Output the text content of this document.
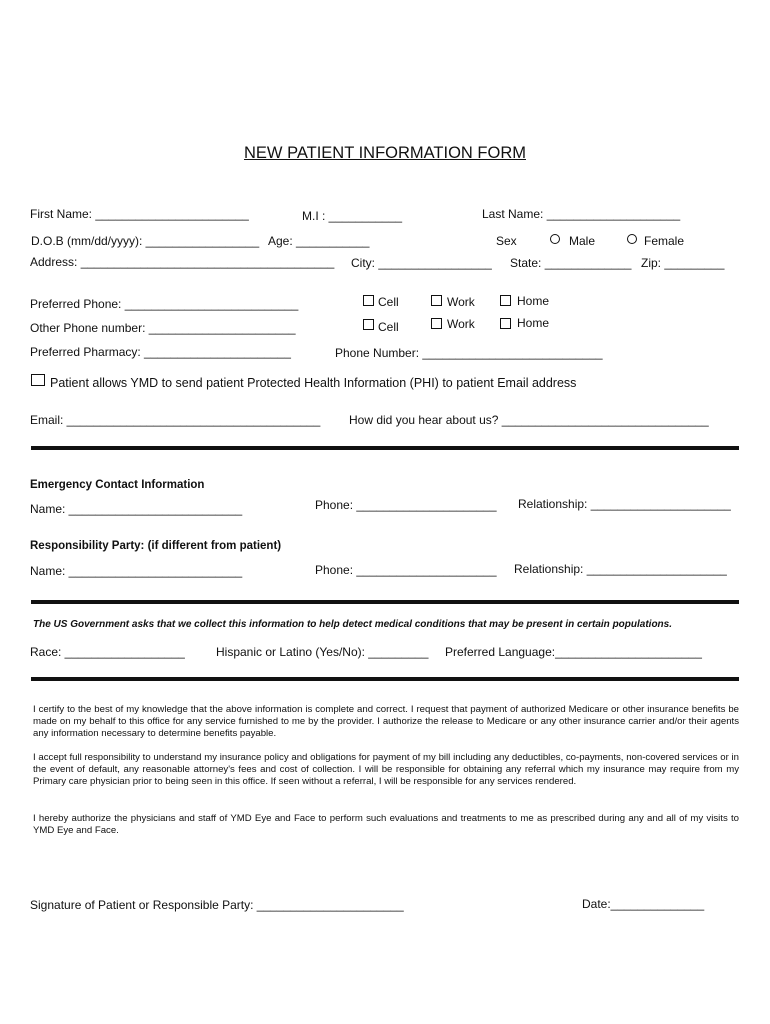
NEW PATIENT INFORMATION FORM
First Name: _______________________	M.I : ___________	Last Name: ____________________
D.O.B (mm/dd/yyyy): _________________ Age: ___________	Sex	Male	Female
Address: ______________________________________ City: _________________ State: _____________ Zip: _________
Preferred Phone: __________________________	Cell	Work	Home
Other Phone number: ______________________	Cell	Work	Home
Preferred Pharmacy: ______________________	Phone Number: ___________________________
Patient allows YMD to send patient Protected Health Information (PHI) to patient Email address
Email: ______________________________________ How did you hear about us? _______________________________
Emergency Contact Information
Name: __________________________	Phone: _____________________ Relationship: _____________________
Responsibility Party: (if different from patient)
Name: __________________________	Phone: _____________________ Relationship: _____________________
The US Government asks that we collect this information to help detect medical conditions that may be present in certain populations.
Race: __________________	Hispanic or Latino (Yes/No): _________ Preferred Language:______________________
I certify to the best of my knowledge that the above information is complete and correct. I request that payment of authorized Medicare or other insurance benefits be made on my behalf to this office for any service furnished to me by the provider. I authorize the release to Medicare or any other insurance carrier and/or their agents any information necessary to determine benefits payable.
I accept full responsibility to understand my insurance policy and obligations for payment of my bill including any deductibles, co-payments, non-covered services or in the event of default, any reasonable attorney's fees and cost of collection. I will be responsible for obtaining any referral which my insurance may require from my Primary care physician prior to being seen in this office. If seen without a referral, I will be responsible for any services rendered.
I hereby authorize the physicians and staff of YMD Eye and Face to perform such evaluations and treatments to me as prescribed during any and all of my visits to YMD Eye and Face.
Signature of Patient or Responsible Party: ______________________	Date:______________
